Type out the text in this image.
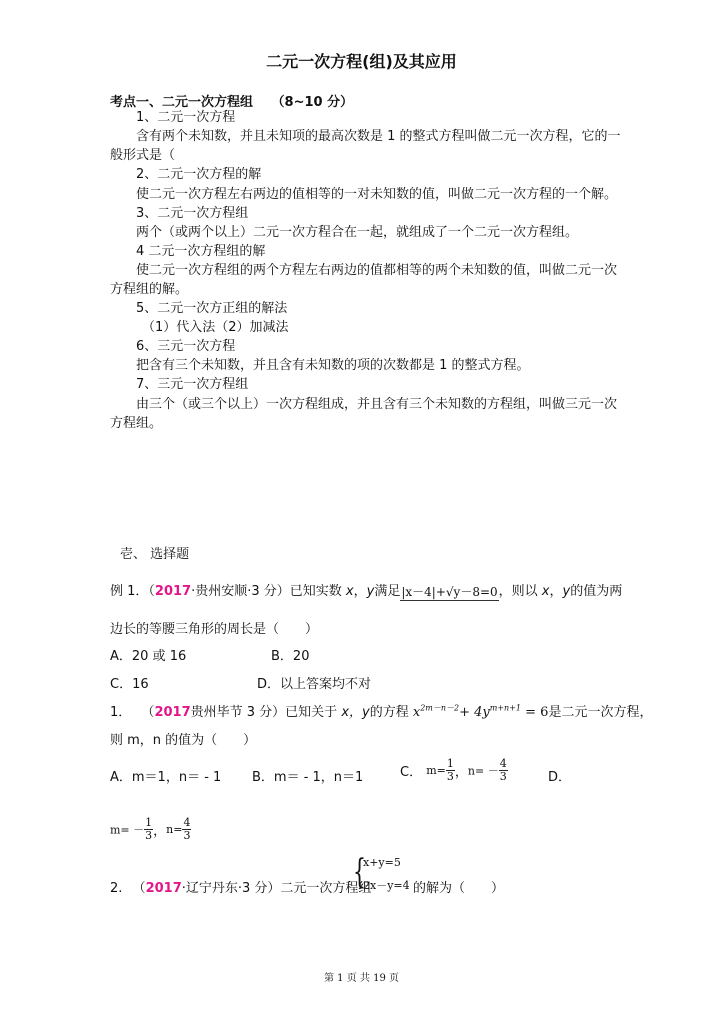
二元一次方程(组)及其应用
考点一、二元一次方程组 （8~10 分）
1、二元一次方程
含有两个未知数，并且未知项的最高次数是 1 的整式方程叫做二元一次方程，它的一
般形式是（
2、二元一次方程的解
使二元一次方程左右两边的值相等的一对未知数的值，叫做二元一次方程的一个解。
3、二元一次方程组
两个（或两个以上）二元一次方程合在一起，就组成了一个二元一次方程组。
4 二元一次方程组的解
使二元一次方程组的两个方程左右两边的值都相等的两个未知数的值，叫做二元一次
方程组的解。
5、二元一次方正组的解法
（1）代入法（2）加减法
6、三元一次方程
把含有三个未知数，并且含有未知数的项的次数都是 1 的整式方程。
7、三元一次方程组
由三个（或三个以上）一次方程组成，并且含有三个未知数的方程组，叫做三元一次
方程组。
壱、 选择题
例 1．（2017·贵州安顺·3 分）已知实数 x，y满足|x－4|+√y－8=0，则以 x，y的值为两
边长的等腰三角形的周长是（　　）
A．20 或 16	B．20
C．16	D．以上答案均不对
1． （2017贵州毕节 3 分）已知关于 x，y的方程 $x^{2m-n-2}+ 4y^{m+n+1} = 6$是二元一次方程，
则 m，n 的值为（　　）
A．m＝1，n＝ - 1 B．m＝ - 1，n＝1	C． $m= \frac{1}{3}$ ，$n= - \frac{4}{3}$	D．
$m= - \frac{1}{3}$ ，$n= \frac{4}{3}$
2. （2017·辽宁丹东·3 分）二元一次方程组
{
x+y=5
2x－y=4 的解为（　　）
第 1 页 共 19 页
